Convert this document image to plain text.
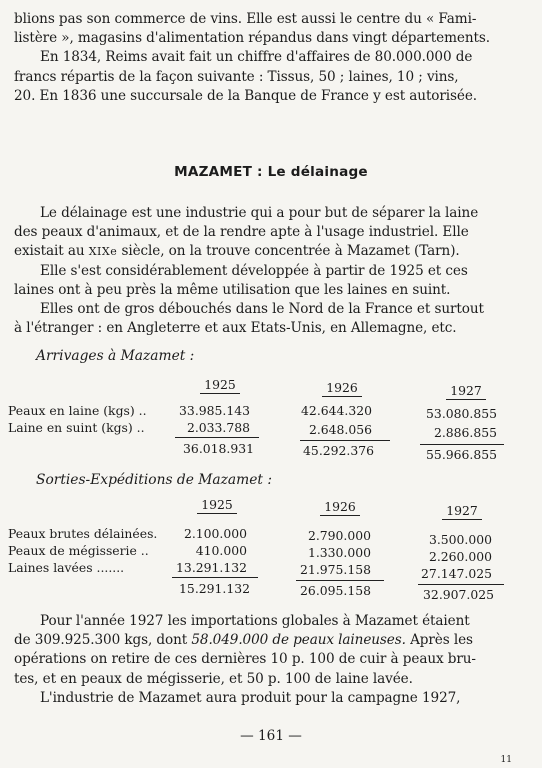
blions pas son commerce de vins. Elle est aussi le centre du « Fami-
listère », magasins d'alimentation répandus dans vingt départements.
En 1834, Reims avait fait un chiffre d'affaires de 80.000.000 de
francs répartis de la façon suivante : Tissus, 50 ; laines, 10 ; vins,
20. En 1836 une succursale de la Banque de France y est autorisée.
MAZAMET : Le délainage
Le délainage est une industrie qui a pour but de séparer la laine
des peaux d'animaux, et de la rendre apte à l'usage industriel. Elle
existait au XIXe siècle, on la trouve concentrée à Mazamet (Tarn).
Elle s'est considérablement développée à partir de 1925 et ces
laines ont à peu près la même utilisation que les laines en suint.
Elles ont de gros débouchés dans le Nord de la France et surtout
à l'étranger : en Angleterre et aux Etats-Unis, en Allemagne, etc.
Arrivages à Mazamet :
1925	1926	1927
Peaux en laine (kgs) ..	33.985.143	42.644.320	53.080.855
Laine en suint (kgs) ..	2.033.788	2.648.056	2.886.855
36.018.931	45.292.376	55.966.855
Sorties-Expéditions de Mazamet :
1925	1926	1927
Peaux brutes délainées. 2.100.000	2.790.000	3.500.000
Peaux de mégisserie ..	410.000	1.330.000	2.260.000
Laines lavées .......	13.291.132	21.975.158	27.147.025
15.291.132	26.095.158	32.907.025
Pour l'année 1927 les importations globales à Mazamet étaient
de 309.925.300 kgs, dont 58.049.000 de peaux laineuses. Après les
opérations on retire de ces dernières 10 p. 100 de cuir à peaux bru-
tes, et en peaux de mégisserie, et 50 p. 100 de laine lavée.
L'industrie de Mazamet aura produit pour la campagne 1927,
— 161 —
11
